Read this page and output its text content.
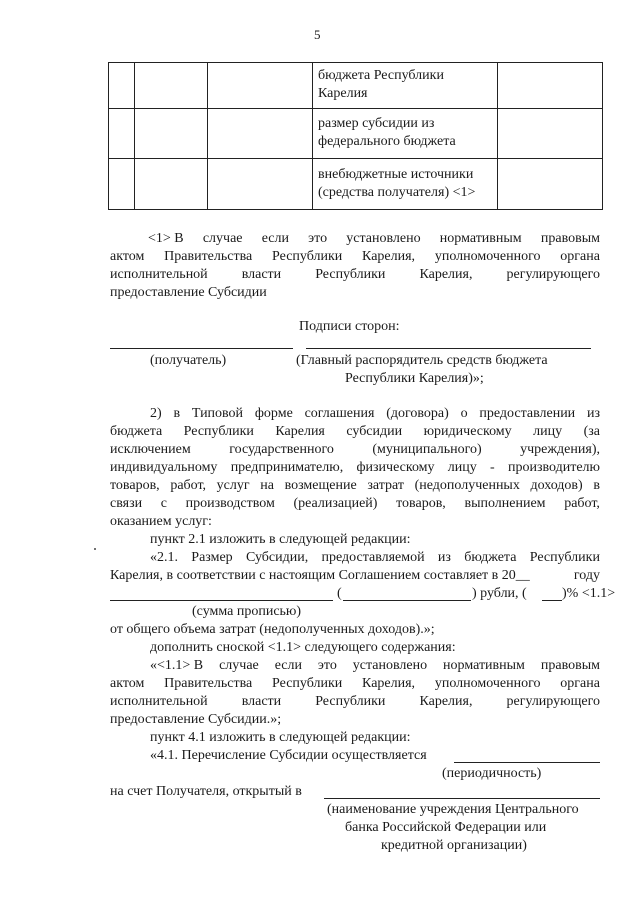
5

			бюджета Республики
Карелия	

			размер субсидии из
федерального бюджета	

			внебюджетные источники
(средства получателя) <1>	

<1> В случае если это установлено нормативным правовым
актом Правительства Республики Карелия, уполномоченного органа
исполнительной власти Республики Карелия, регулирующего
предоставление Субсидии
Подписи сторон:
(получатель)	(Главный распорядитель средств бюджета
Республики Карелия)»;
2) в Типовой форме соглашения (договора) о предоставлении из
бюджета Республики Карелия субсидии юридическому лицу (за
исключением	государственного	(муниципального)	учреждения),
индивидуальному предпринимателю, физическому лицу - производителю
товаров, работ, услуг на возмещение затрат (недополученных доходов) в
связи с производством (реализацией) товаров, выполнением работ,
оказанием услуг:
пункт 2.1 изложить в следующей редакции:
«2.1. Размер Субсидии, предоставляемой из бюджета Республики
Карелия, в соответствии с настоящим Соглашением составляет в 20__	году
(	) рубли, (	)% <1.1>
(сумма прописью)
от общего объема затрат (недополученных доходов).»;
дополнить сноской <1.1> следующего содержания:
«<1.1> В случае если это установлено нормативным правовым
актом Правительства Республики Карелия, уполномоченного органа
исполнительной власти Республики Карелия, регулирующего
предоставление Субсидии.»;
пункт 4.1 изложить в следующей редакции:
«4.1. Перечисление Субсидии осуществляется
(периодичность)
на счет Получателя, открытый в
(наименование учреждения Центрального
банка Российской Федерации или
кредитной организации)
